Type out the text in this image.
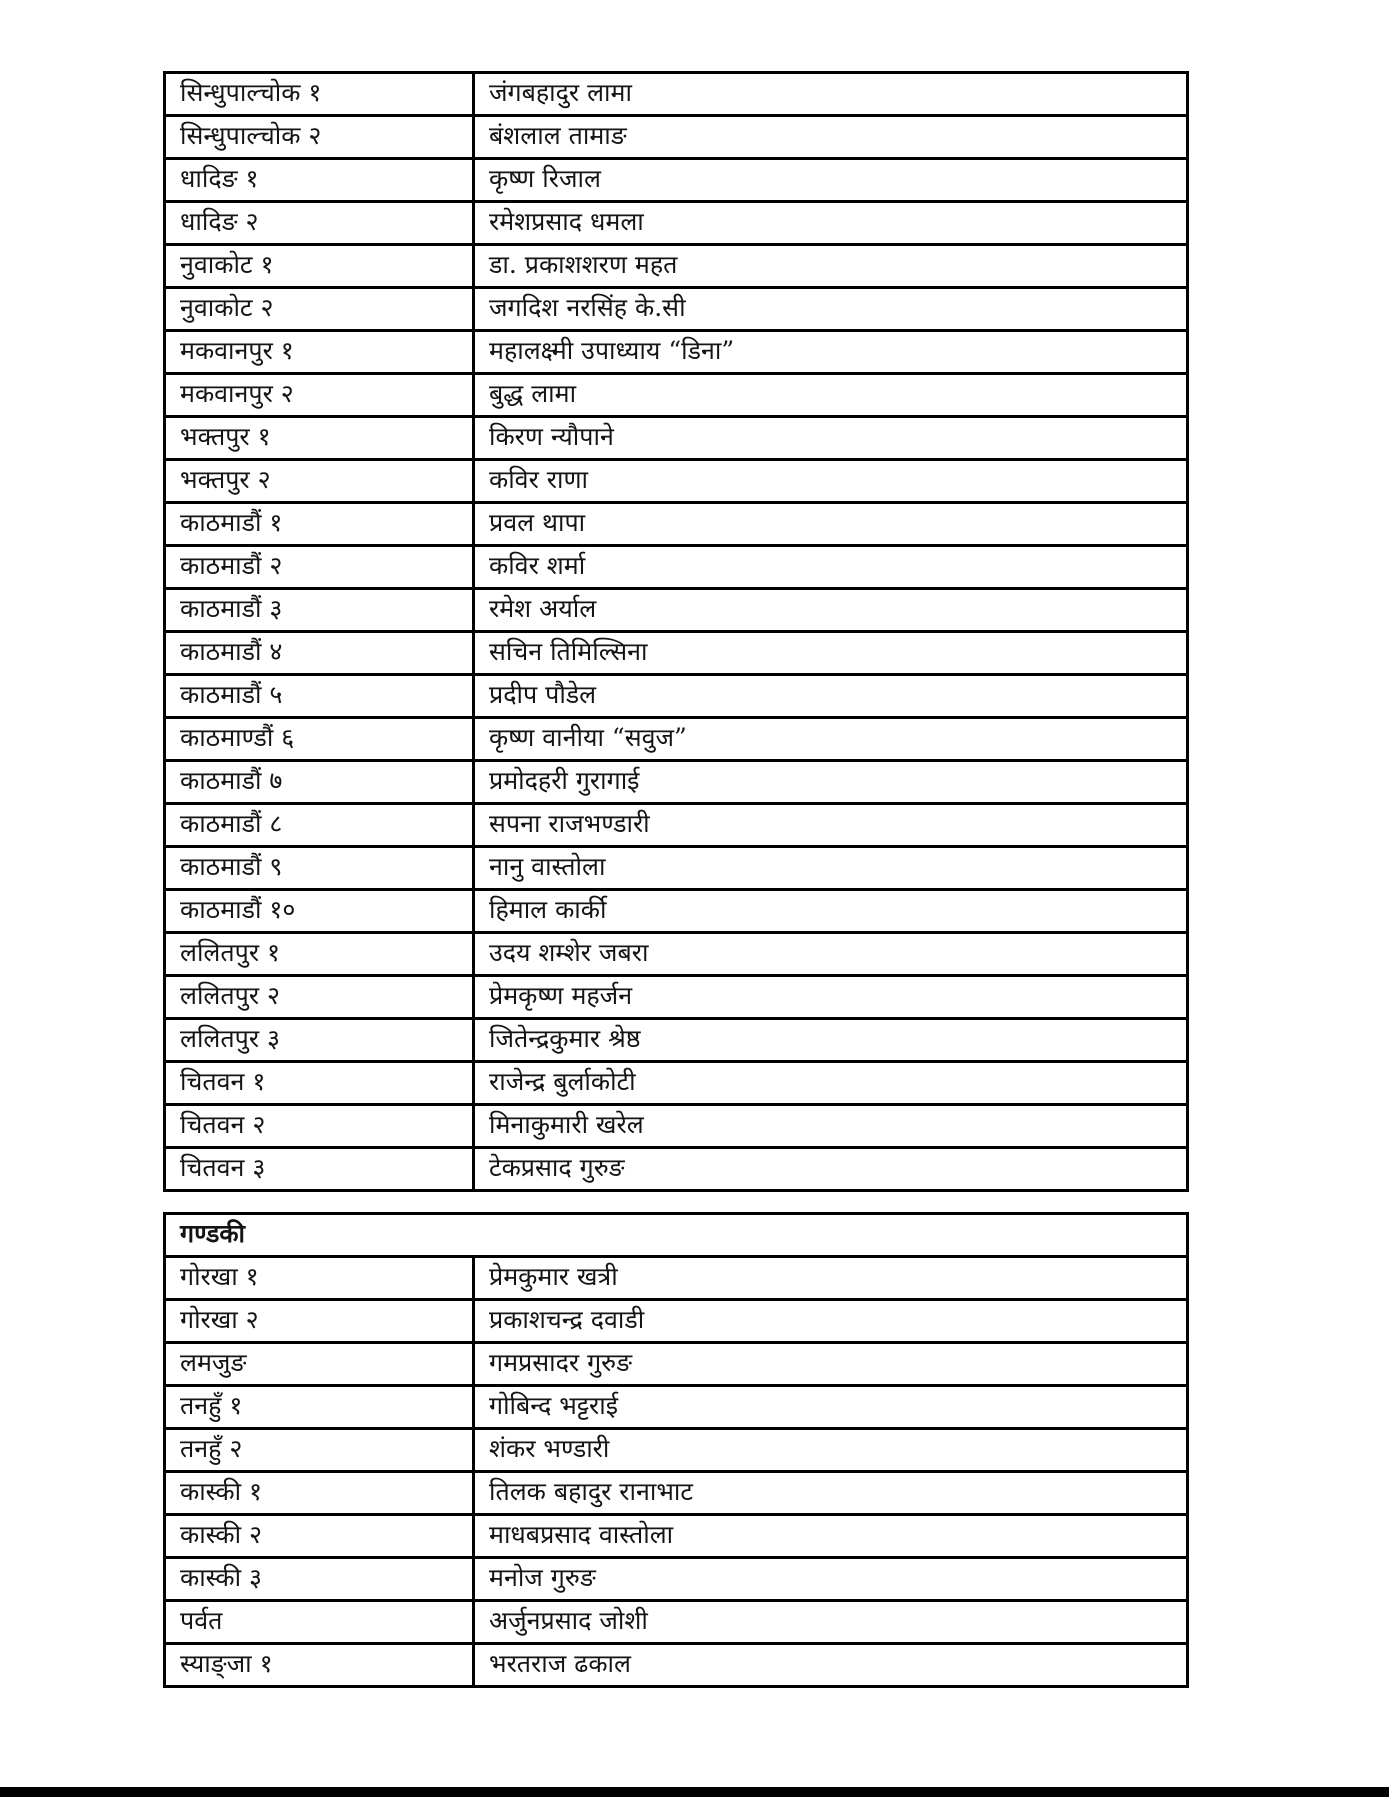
सिन्धुपाल्चोक १	जंगबहादुर लामा
सिन्धुपाल्चोक २	बंशलाल तामाङ
धादिङ १	कृष्ण रिजाल
धादिङ २	रमेशप्रसाद धमला
नुवाकोट १	डा. प्रकाशशरण महत
नुवाकोट २	जगदिश नरसिंह के.सी
मकवानपुर १	महालक्ष्मी उपाध्याय “डिना”
मकवानपुर २	बुद्ध लामा
भक्तपुर १	किरण न्यौपाने
भक्तपुर २	कविर राणा
काठमाडौं १	प्रवल थापा
काठमाडौं २	कविर शर्मा
काठमाडौं ३	रमेश अर्याल
काठमाडौं ४	सचिन तिमिल्सिना
काठमाडौं ५	प्रदीप पौडेल
काठमाण्डौं ६	कृष्ण वानीया “सवुज”
काठमाडौं ७	प्रमोदहरी गुरागाई
काठमाडौं ८	सपना राजभण्डारी
काठमाडौं ९	नानु वास्तोला
काठमाडौं १०	हिमाल कार्की
ललितपुर १	उदय शम्शेर जबरा
ललितपुर २	प्रेमकृष्ण महर्जन
ललितपुर ३	जितेन्द्रकुमार श्रेष्ठ
चितवन १	राजेन्द्र बुर्लाकोटी
चितवन २	मिनाकुमारी खरेल
चितवन ३	टेकप्रसाद गुरुङ
गण्डकी	
गोरखा १	प्रेमकुमार खत्री
गोरखा २	प्रकाशचन्द्र दवाडी
लमजुङ	गमप्रसादर गुरुङ
तनहुँ १	गोबिन्द भट्टराई
तनहुँ २	शंकर भण्डारी
कास्की १	तिलक बहादुर रानाभाट
कास्की २	माधबप्रसाद वास्तोला
कास्की ३	मनोज गुरुङ
पर्वत	अर्जुनप्रसाद जोशी
स्याङ्जा १	भरतराज ढकाल
